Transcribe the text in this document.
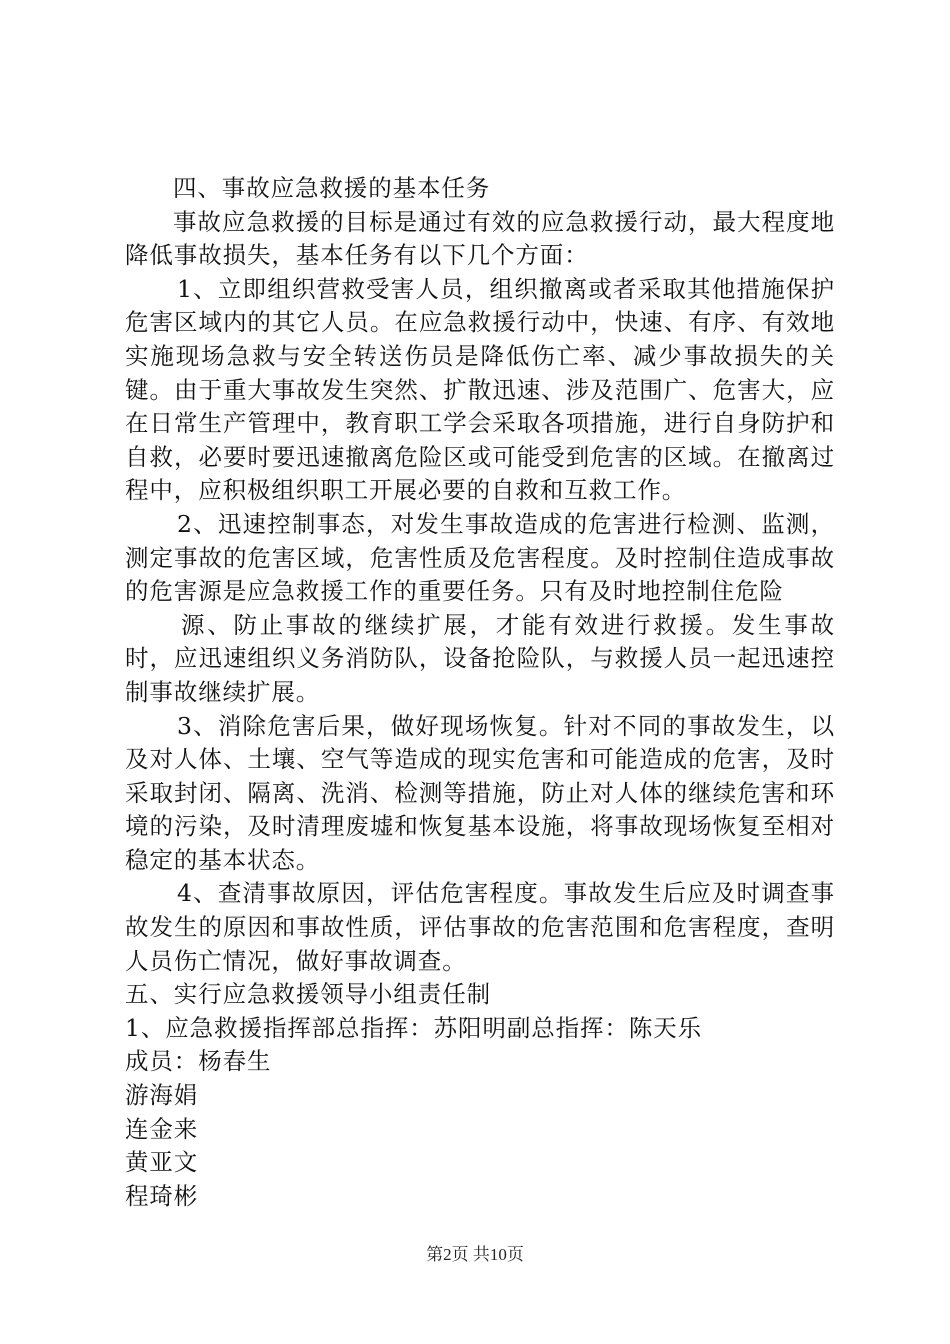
四、事故应急救援的基本任务

事故应急救援的目标是通过有效的应急救援行动，最大程度地降低事故损失，基本任务有以下几个方面：

1、立即组织营救受害人员，组织撤离或者采取其他措施保护危害区域内的其它人员。在应急救援行动中，快速、有序、有效地实施现场急救与安全转送伤员是降低伤亡率、减少事故损失的关键。由于重大事故发生突然、扩散迅速、涉及范围广、危害大，应在日常生产管理中，教育职工学会采取各项措施，进行自身防护和自救，必要时要迅速撤离危险区或可能受到危害的区域。在撤离过程中，应积极组织职工开展必要的自救和互救工作。

2、迅速控制事态，对发生事故造成的危害进行检测、监测，测定事故的危害区域，危害性质及危害程度。及时控制住造成事故的危害源是应急救援工作的重要任务。只有及时地控制住危险

源、防止事故的继续扩展，才能有效进行救援。发生事故时，应迅速组织义务消防队，设备抢险队，与救援人员一起迅速控制事故继续扩展。

3、消除危害后果，做好现场恢复。针对不同的事故发生，以及对人体、土壤、空气等造成的现实危害和可能造成的危害，及时采取封闭、隔离、洗消、检测等措施，防止对人体的继续危害和环境的污染，及时清理废墟和恢复基本设施，将事故现场恢复至相对稳定的基本状态。

4、查清事故原因，评估危害程度。事故发生后应及时调查事故发生的原因和事故性质，评估事故的危害范围和危害程度，查明人员伤亡情况，做好事故调查。

五、实行应急救援领导小组责任制

1、应急救援指挥部总指挥：苏阳明副总指挥：陈天乐

成员：杨春生

游海娟

连金来

黄亚文

程琦彬

第2页 共10页
